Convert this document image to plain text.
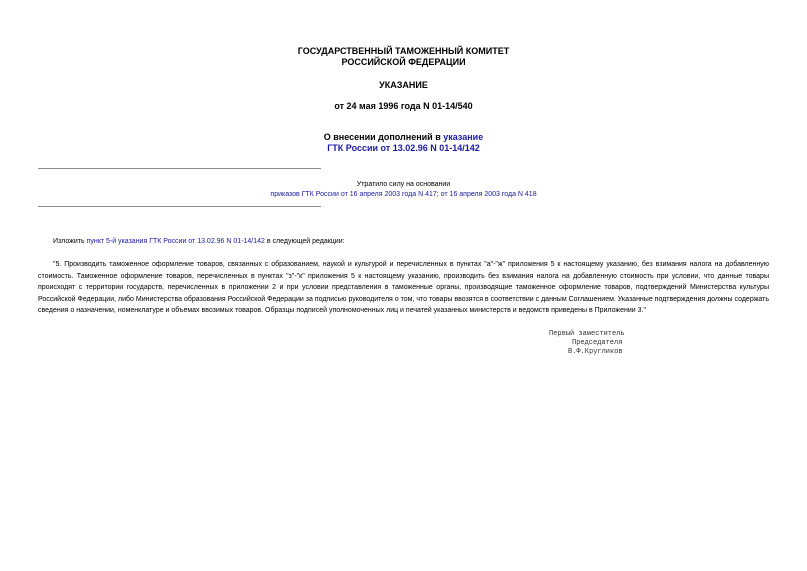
ГОСУДАРСТВЕННЫЙ ТАМОЖЕННЫЙ КОМИТЕТ
РОССИЙСКОЙ ФЕДЕРАЦИИ
УКАЗАНИЕ
от 24 мая 1996 года N 01-14/540
О внесении дополнений в указание
ГТК России от 13.02.96 N 01-14/142
Утратило силу на основании
приказов ГТК России от 16 апреля 2003 года N 417; от 16 апреля 2003 года N 418
Изложить пункт 5-й указания ГТК России от 13.02.96 N 01-14/142 в следующей редакции:
"5. Производить таможенное оформление товаров, связанных с образованием, наукой и культурой и перечисленных в пунктах "а"-"ж" приложения 5 к настоящему указанию, без взимания налога на добавленную стоимость. Таможенное оформление товаров, перечисленных в пунктах "з"-"к" приложения 5 к настоящему указанию, производить без взимания налога на добавленную стоимость при условии, что данные товары происходят с территории государств, перечисленных в приложении 2 и при условии представления в таможенные органы, производящие таможенное оформление товаров, подтверждений Министерства культуры Российской Федерации, либо Министерства образования Российской Федерации за подписью руководителя о том, что товары ввозятся в соответствии с данным Соглашением. Указанные подтверждения должны содержать сведения о назначении, номенклатуре и объемах ввозимых товаров. Образцы подписей уполномоченных лиц и печатей указанных министерств и ведомств приведены в Приложении 3."
Первый заместитель
Председателя
В.Ф.Кругликов
